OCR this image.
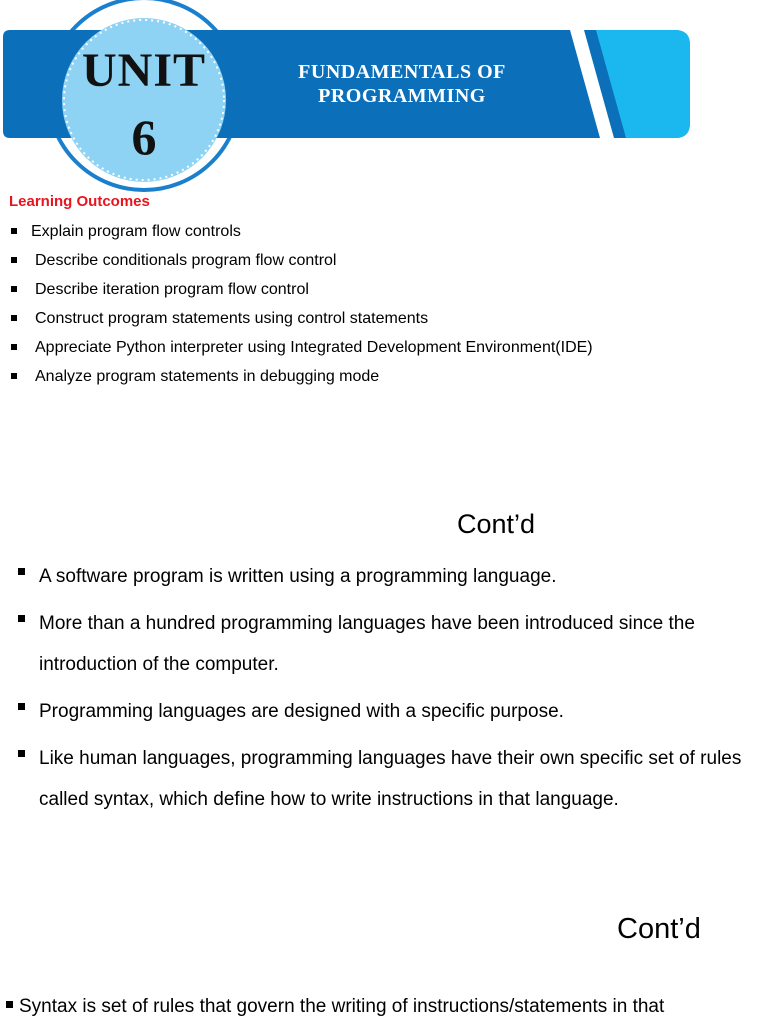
UNIT
6
FUNDAMENTALS OF
PROGRAMMING
Learning Outcomes
Explain program flow controls
Describe conditionals program flow control
Describe iteration program flow control
Construct program statements using control statements
Appreciate Python interpreter using Integrated Development Environment(IDE)
Analyze program statements in debugging mode
Cont’d
A software program is written using a programming language.
More than a hundred programming languages have been introduced since the introduction of the computer.
Programming languages are designed with a specific purpose.
Like human languages, programming languages have their own specific set of rules called syntax, which define how to write instructions in that language.
Cont’d
Syntax is set of rules that govern the writing of instructions/statements in that
